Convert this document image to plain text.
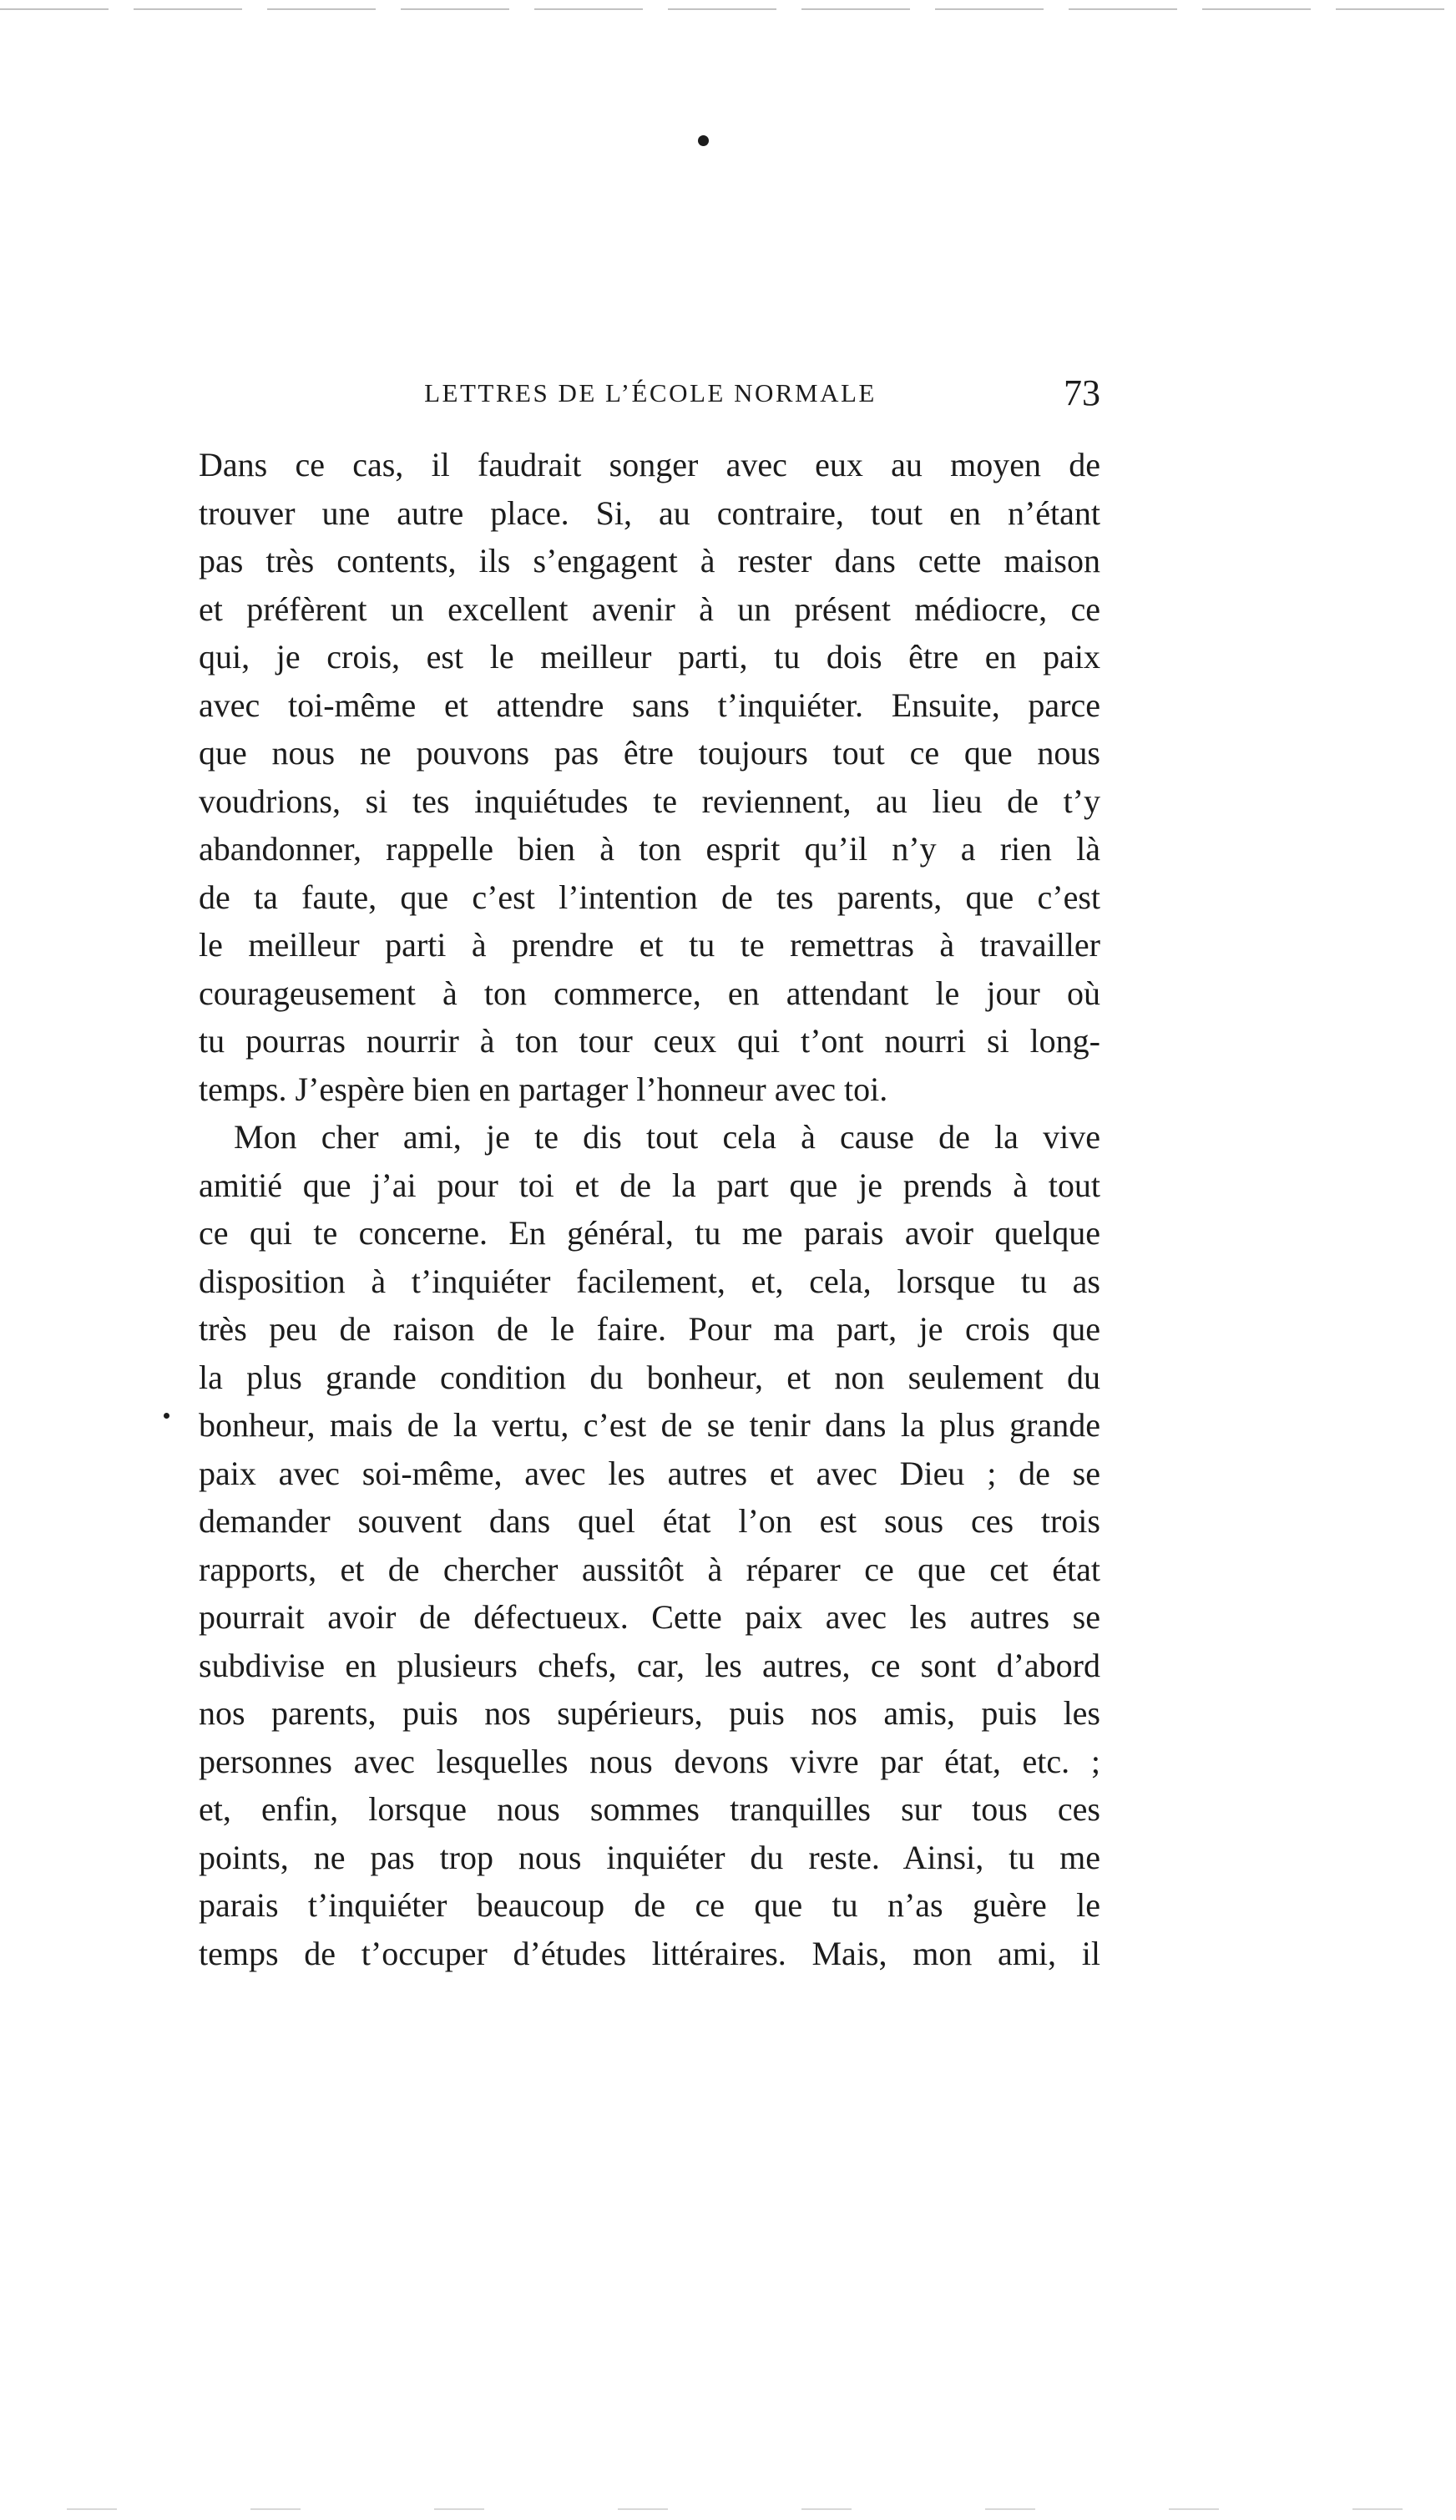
LETTRES DE L’ÉCOLE NORMALE	73
Dans ce cas, il faudrait songer avec eux au moyen de
trouver une autre place. Si, au contraire, tout en n’étant
pas très contents, ils s’engagent à rester dans cette maison
et préfèrent un excellent avenir à un présent médiocre, ce
qui, je crois, est le meilleur parti, tu dois être en paix
avec toi-même et attendre sans t’inquiéter. Ensuite, parce
que nous ne pouvons pas être toujours tout ce que nous
voudrions, si tes inquiétudes te reviennent, au lieu de t’y
abandonner, rappelle bien à ton esprit qu’il n’y a rien là
de ta faute, que c’est l’intention de tes parents, que c’est
le meilleur parti à prendre et tu te remettras à travailler
courageusement à ton commerce, en attendant le jour où
tu pourras nourrir à ton tour ceux qui t’ont nourri si long-
temps. J’espère bien en partager l’honneur avec toi.
Mon cher ami, je te dis tout cela à cause de la vive
amitié que j’ai pour toi et de la part que je prends à tout
ce qui te concerne. En général, tu me parais avoir quelque
disposition à t’inquiéter facilement, et, cela, lorsque tu as
très peu de raison de le faire. Pour ma part, je crois que
la plus grande condition du bonheur, et non seulement du
bonheur, mais de la vertu, c’est de se tenir dans la plus grande
paix avec soi-même, avec les autres et avec Dieu ; de se
demander souvent dans quel état l’on est sous ces trois
rapports, et de chercher aussitôt à réparer ce que cet état
pourrait avoir de défectueux. Cette paix avec les autres se
subdivise en plusieurs chefs, car, les autres, ce sont d’abord
nos parents, puis nos supérieurs, puis nos amis, puis les
personnes avec lesquelles nous devons vivre par état, etc. ;
et, enfin, lorsque nous sommes tranquilles sur tous ces
points, ne pas trop nous inquiéter du reste. Ainsi, tu me
parais t’inquiéter beaucoup de ce que tu n’as guère le
temps de t’occuper d’études littéraires. Mais, mon ami, il
